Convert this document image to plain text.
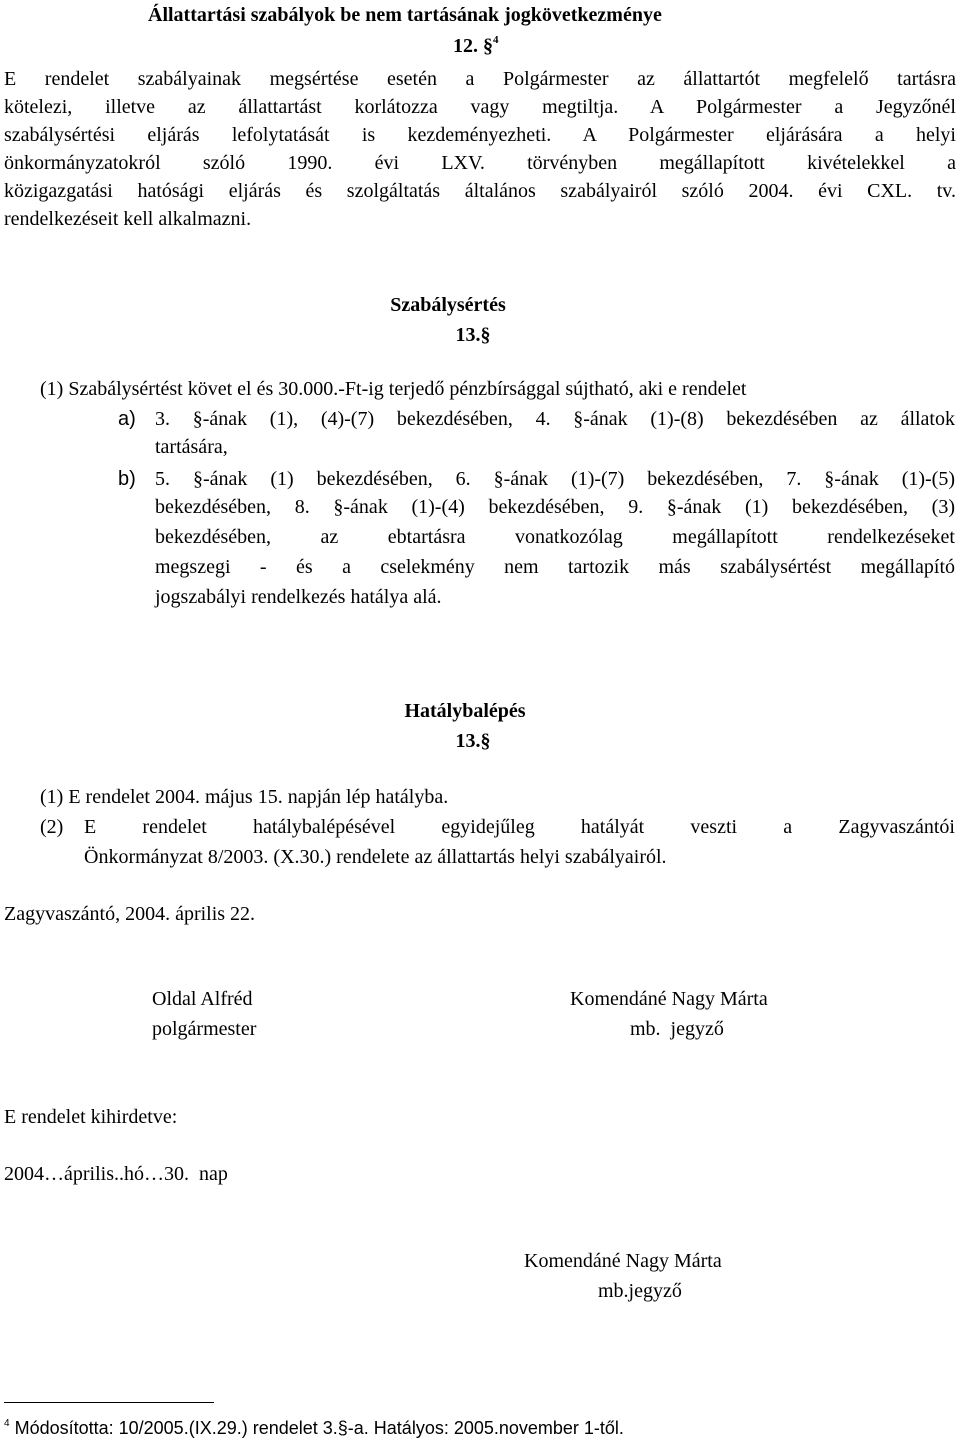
Állattartási szabályok be nem tartásának jogkövetkezménye
12. §$^4$
E rendelet szabályainak megsértése esetén a Polgármester az állattartót megfelelő tartásra
kötelezi, illetve az állattartást korlátozza vagy megtiltja. A Polgármester a Jegyzőnél
szabálysértési eljárás lefolytatását is kezdeményezheti. A Polgármester eljárására a helyi
önkormányzatokról szóló 1990. évi LXV. törvényben megállapított kivételekkel a
közigazgatási hatósági eljárás és szolgáltatás általános szabályairól szóló 2004. évi CXL. tv.
rendelkezéseit kell alkalmazni.
Szabálysértés
13.§
(1) Szabálysértést követ el és 30.000.-Ft-ig terjedő pénzbírsággal sújtható, aki e rendelet
a) 3. §-ának (1), (4)-(7) bekezdésében, 4. §-ának (1)-(8) bekezdésében az állatok
tartására,
b) 5. §-ának (1) bekezdésében, 6. §-ának (1)-(7) bekezdésében, 7. §-ának (1)-(5)
bekezdésében, 8. §-ának (1)-(4) bekezdésében, 9. §-ának (1) bekezdésében, (3)
bekezdésében, az ebtartásra vonatkozólag megállapított rendelkezéseket
megszegi - és a cselekmény nem tartozik más szabálysértést megállapító
jogszabályi rendelkezés hatálya alá.
Hatálybalépés
13.§
(1) E rendelet 2004. május 15. napján lép hatályba.
(2) E rendelet hatálybalépésével egyidejűleg hatályát veszti a Zagyvaszántói
Önkormányzat 8/2003. (X.30.) rendelete az állattartás helyi szabályairól.
Zagyvaszántó, 2004. április 22.
Oldal Alfréd
polgármester
Komendáné Nagy Márta
mb.  jegyző
E rendelet kihirdetve:
2004…április..hó…30.  nap
Komendáné Nagy Márta
mb.jegyző
$^4$ Módosította: 10/2005.(IX.29.) rendelet 3.§-a. Hatályos: 2005.november 1-től.
